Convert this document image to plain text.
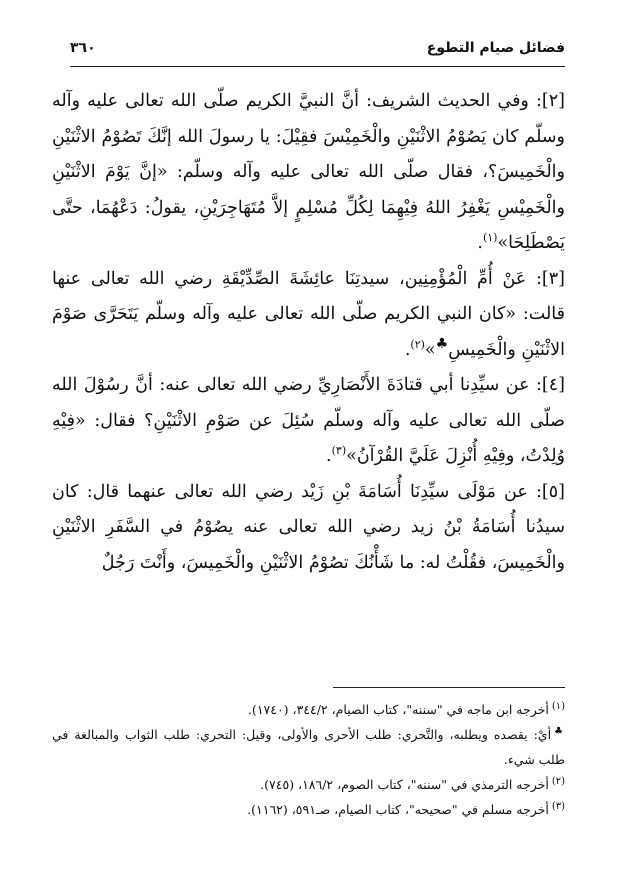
فضائل صيام التطوع
٣٦٠

[٢]: وفي الحديث الشريف: أنَّ النبيَّ الكريم صلّى الله تعالى عليه وآله وسلّم كان يَصُوْمُ الاثْنَيْنِ والْخَمِيْسَ فقِيْلَ: يا رسولَ الله إنَّكَ تَصُوْمُ الاثْنَيْنِ والْخَمِيسَ؟، فقال صلّى الله تعالى عليه وآله وسلّم: «إنَّ يَوْمَ الاثْنَيْنِ والْخَمِيْسِ يَغْفِرُ اللهُ فِيْهِمَا لِكُلِّ مُسْلِمٍ إلاَّ مُتَهَاجِرَيْنِ، يقولُ: دَعْهُمَا، حتَّى يَصْطَلِحَا»$^{(١)}$.

[٣]: عَنْ أُمِّ الْمُؤْمِنِين، سيدتِنَا عائِشَةَ الصِّدِّيْقَةِ رضي الله تعالى عنها قالت: «كان النبي الكريم صلّى الله تعالى عليه وآله وسلّم يَتَحَرَّى صَوْمَ الاثْنَيْنِ والْخَمِيسِ♣»$^{(٢)}$.

[٤]: عن سيِّدِنا أبي قتادَةَ الأَنْصَارِيِّ رضي الله تعالى عنه: أنَّ رسُوْلَ الله صلّى الله تعالى عليه وآله وسلّم سُئِلَ عن صَوْمِ الاثْنَيْنِ؟ فقال: «فِيْهِ وُلِدْتُ، وفِيْهِ أُنْزِلَ عَلَيَّ القُرْآنُ»$^{(٣)}$.

[٥]: عن مَوْلَى سيِّدِنَا أُسَامَةَ بْنِ زَيْد رضي الله تعالى عنهما قال: كان سيدُنا أُسَامَةُ بْنُ زيد رضي الله تعالى عنه يصُوْمُ في السَّفَرِ الاثْنَيْنِ والْخَمِيسَ، فقُلْتُ له: ما شَأْنُكَ تصُوْمُ الاثْنَيْنِ والْخَمِيسَ، وأَنْتَ رَجُلٌ

$^{(١)}$أخرجه ابن ماجه في "سننه"، كتاب الصيام، ٣٤٤/٢، (١٧٤٠).

♣أيْ: يقصده ويطلبه، والتَّحري: طلب الأحرى والأولى، وقيل: التحري: طلب الثواب والمبالغة في طلب شيء.

$^{(٢)}$أخرجه الترمذي في "سننه"، كتاب الصوم، ١٨٦/٢، (٧٤٥).

$^{(٣)}$أخرجه مسلم في "صحيحه"، كتاب الصيام، صـ٥٩١، (١١٦٢).
